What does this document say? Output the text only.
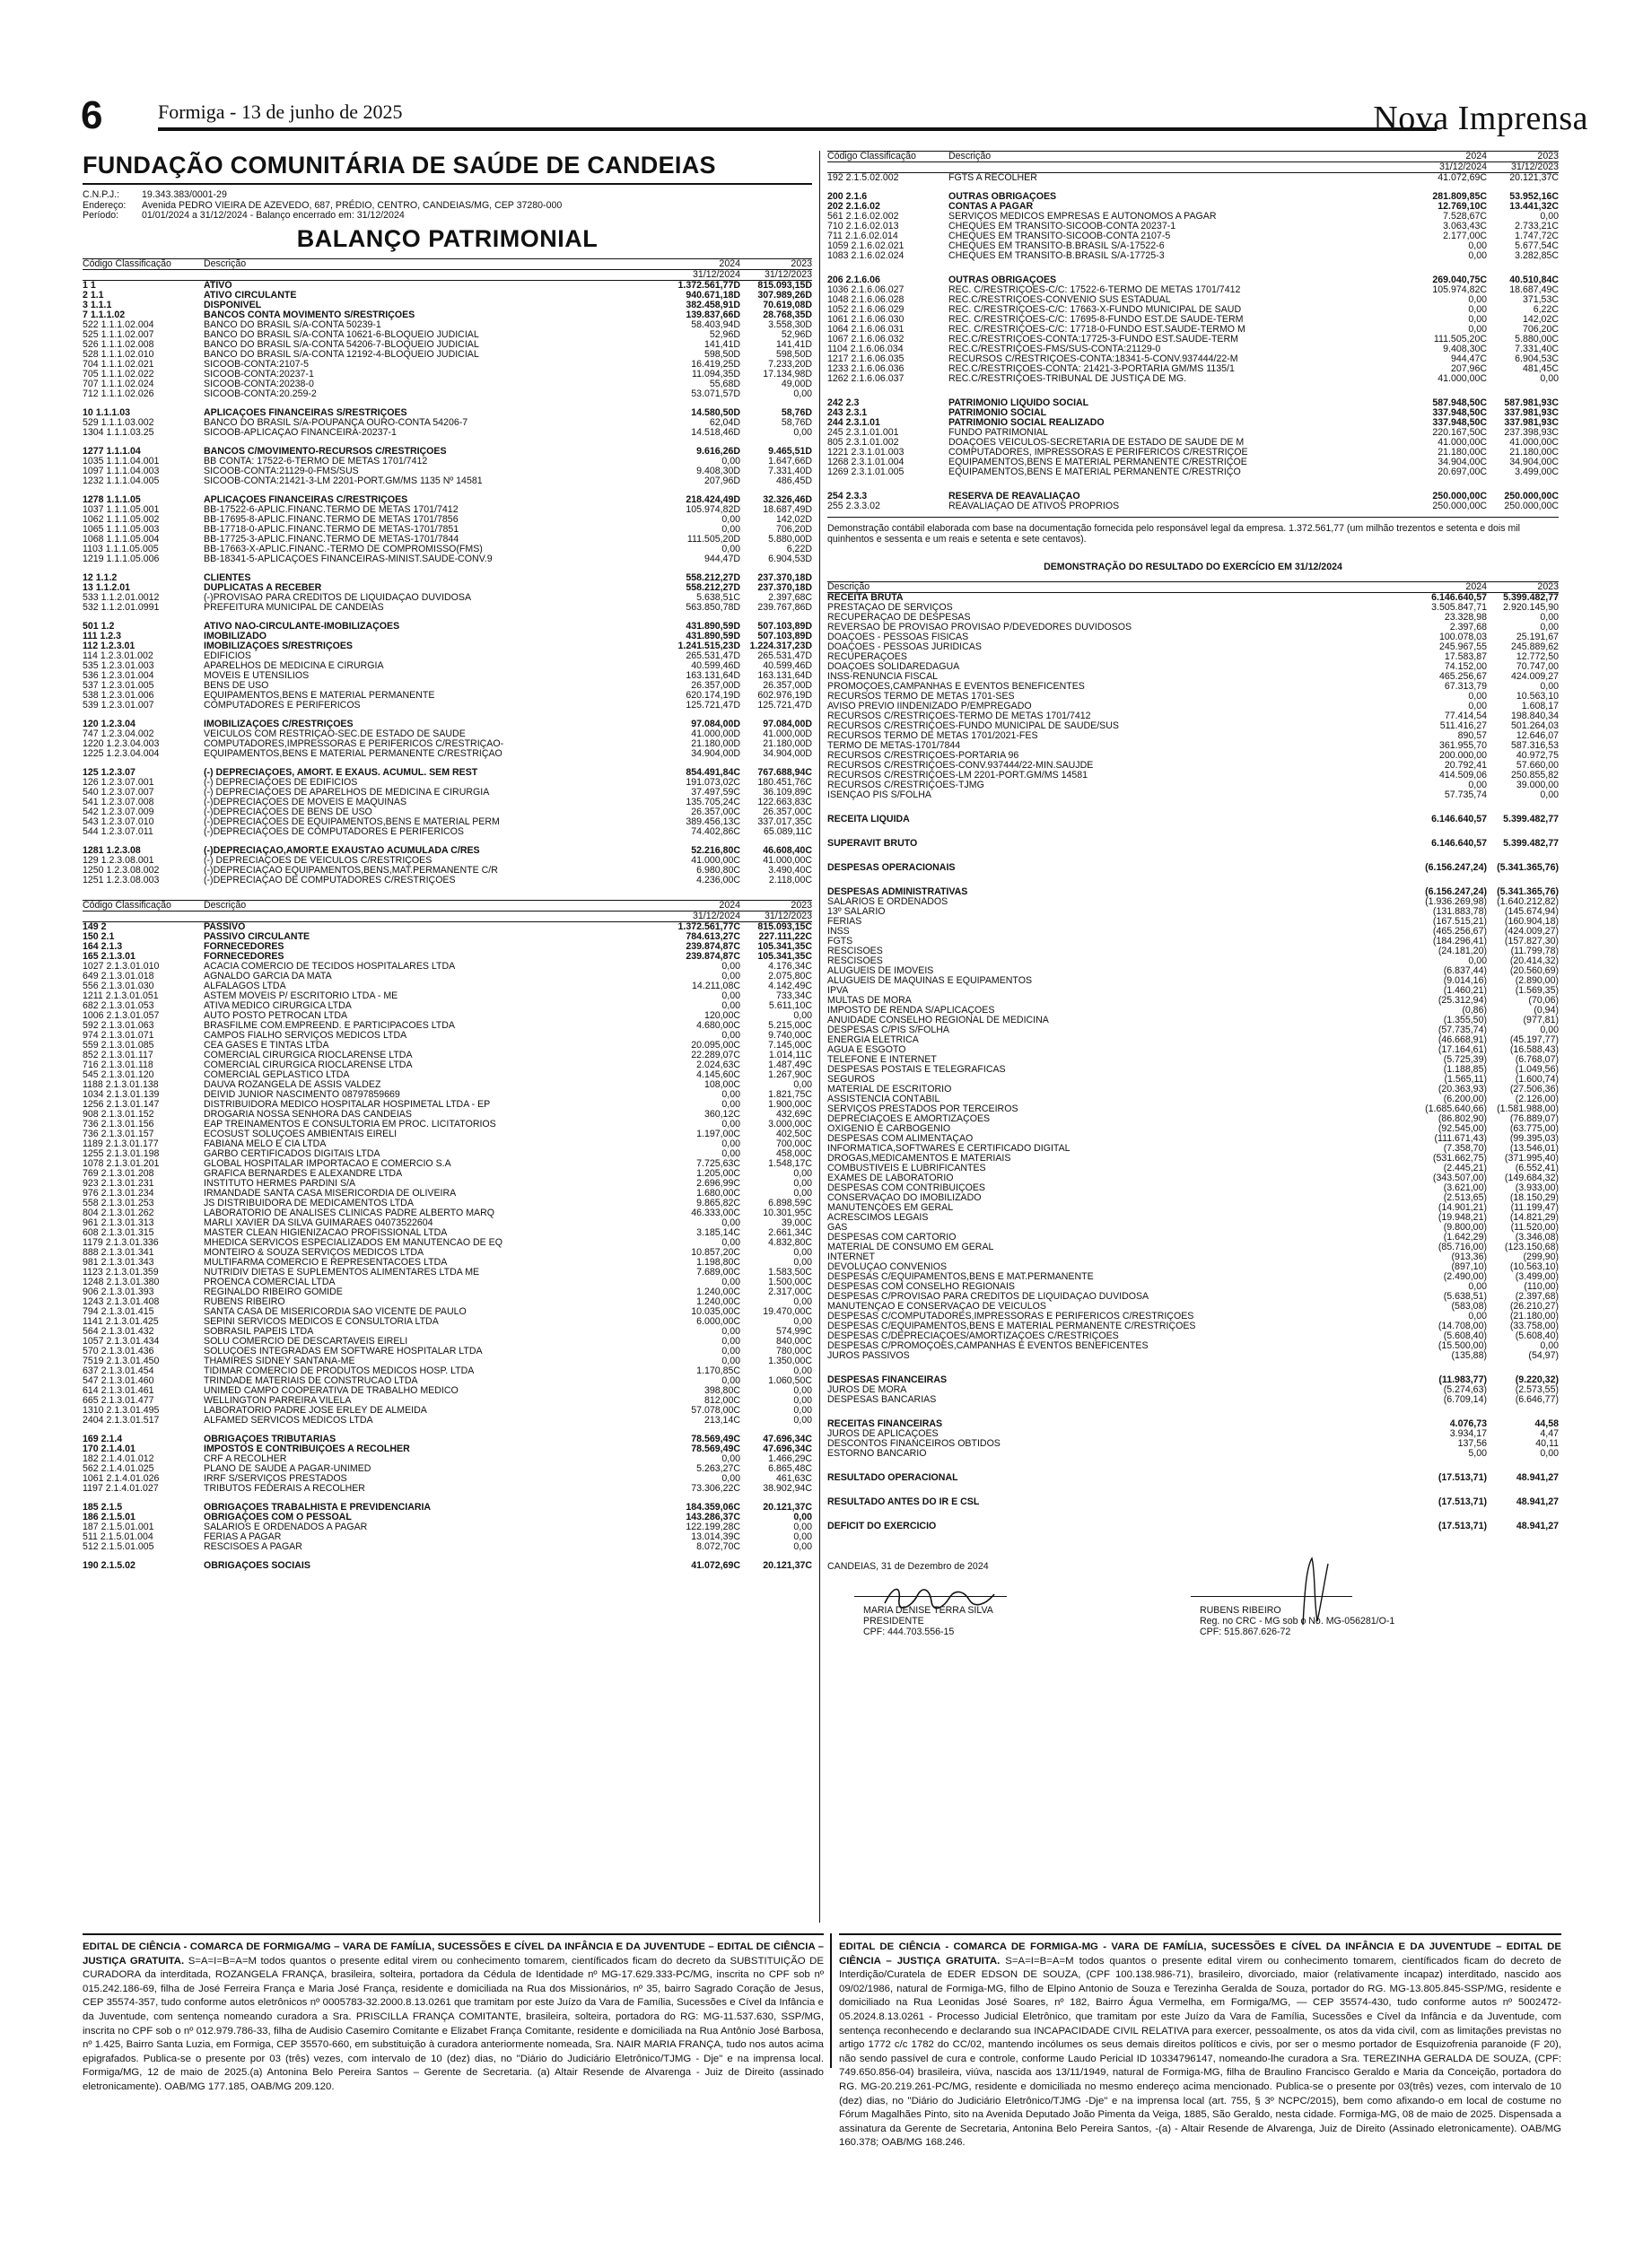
6	Formiga - 13 de junho de 2025	Nova Imprensa
FUNDAÇÃO COMUNITÁRIA DE SAÚDE DE CANDEIAS
C.N.P.J.:	19.343.383/0001-29
Endereço:	Avenida PEDRO VIEIRA DE AZEVEDO, 687, PRÉDIO, CENTRO, CANDEIAS/MG, CEP 37280-000
Período:	01/01/2024 a 31/12/2024 - Balanço encerrado em: 31/12/2024
BALANÇO PATRIMONIAL
Código Classificação	Descrição	2024	2023
31/12/2024	31/12/2023
1 1	ATIVO	1.372.561,77D	815.093,15D
2 1.1	ATIVO CIRCULANTE	940.671,18D	307.989,26D
3 1.1.1	DISPONÍVEL	382.458,91D	70.619,08D
7 1.1.1.02	BANCOS CONTA MOVIMENTO S/RESTRIÇÕES	139.837,66D	28.768,35D
522 1.1.1.02.004	BANCO DO BRASIL S/A-CONTA 50239-1	58.403,94D	3.558,30D
525 1.1.1.02.007	BANCO DO BRASIL S/A-CONTA 10621-6-BLOQUEIO JUDICIAL	52,96D	52,96D
526 1.1.1.02.008	BANCO DO BRASIL S/A-CONTA 54206-7-BLOQUEIO JUDICIAL	141,41D	141,41D
528 1.1.1.02.010	BANCO DO BRASIL S/A-CONTA 12192-4-BLOQUEIO JUDICIAL	598,50D	598,50D
704 1.1.1.02.021	SICOOB-CONTA:2107-5	16.419,25D	7.233,20D
705 1.1.1.02.022	SICOOB-CONTA:20237-1	11.094,35D	17.134,98D
707 1.1.1.02.024	SICOOB-CONTA:20238-0	55,68D	49,00D
712 1.1.1.02.026	SICOOB-CONTA:20.259-2	53.071,57D	0,00
10 1.1.1.03	APLICAÇÕES FINANCEIRAS S/RESTRIÇÕES	14.580,50D	58,76D
529 1.1.1.03.002	BANCO DO BRASIL S/A-POUPANÇA OURO-CONTA 54206-7	62,04D	58,76D
1304 1.1.1.03.25	SICOOB-APLICAÇÃO FINANCEIRA-20237-1	14.518,46D	0,00
1277 1.1.1.04	BANCOS C/MOVIMENTO-RECURSOS C/RESTRIÇÕES	9.616,26D	9.465,51D
1035 1.1.1.04.001	BB CONTA: 17522-6-TERMO DE METAS 1701/7412	0,00	1.647,66D
1097 1.1.1.04.003	SICOOB-CONTA:21129-0-FMS/SUS	9.408,30D	7.331,40D
1232 1.1.1.04.005	SICOOB-CONTA:21421-3-LM 2201-PORT.GM/MS 1135 Nº 14581	207,96D	486,45D
1278 1.1.1.05	APLICAÇÕES FINANCEIRAS C/RESTRIÇÕES	218.424,49D	32.326,46D
1037 1.1.1.05.001	BB-17522-6-APLIC.FINANC.TERMO DE METAS 1701/7412	105.974,82D	18.687,49D
1062 1.1.1.05.002	BB-17695-8-APLIC.FINANC.TERMO DE METAS 1701/7856	0,00	142,02D
1065 1.1.1.05.003	BB-17718-0-APLIC.FINANC.TERMO DE METAS-1701/7851	0,00	706,20D
1068 1.1.1.05.004	BB-17725-3-APLIC.FINANC.TERMO DE METAS-1701/7844	111.505,20D	5.880,00D
1103 1.1.1.05.005	BB-17663-X-APLIC.FINANC.-TERMO DE COMPROMISSO(FMS)	0,00	6,22D
1219 1.1.1.05.006	BB-18341-5-APLICAÇÕES FINANCEIRAS-MINIST.SAÚDE-CONV.9	944,47D	6.904,53D
12 1.1.2	CLIENTES	558.212,27D	237.370,18D
13 1.1.2.01	DUPLICATAS A RECEBER	558.212,27D	237.370,18D
533 1.1.2.01.0012	(-)PROVISÃO PARA CRÉDITOS DE LIQUIDAÇÃO DUVIDOSA	5.638,51C	2.397,68C
532 1.1.2.01.0991	PREFEITURA MUNICIPAL DE CANDEIAS	563.850,78D	239.767,86D
501 1.2	ATIVO NÃO-CIRCULANTE-IMOBILIZAÇÕES	431.890,59D	507.103,89D
111 1.2.3	IMOBILIZADO	431.890,59D	507.103,89D
112 1.2.3.01	IMOBILIZAÇÕES S/RESTRIÇÕES	1.241.515,23D 1.224.317,23D
114 1.2.3.01.002	EDIFÍCIOS	265.531,47D	265.531,47D
535 1.2.3.01.003	APARELHOS DE MEDICINA E CIRURGIA	40.599,46D	40.599,46D
536 1.2.3.01.004	MÓVEIS E UTENSÍLIOS	163.131,64D	163.131,64D
537 1.2.3.01.005	BENS DE USO	26.357,00D	26.357,00D
538 1.2.3.01.006	EQUIPAMENTOS,BENS E MATERIAL PERMANENTE	620.174,19D	602.976,19D
539 1.2.3.01.007	COMPUTADORES E PERIFÉRICOS	125.721,47D	125.721,47D
120 1.2.3.04	IMOBILIZAÇÕES C/RESTRIÇÕES	97.084,00D	97.084,00D
747 1.2.3.04.002	VEÍCULOS COM RESTRIÇÃO-SEC.DE ESTADO DE SAÚDE	41.000,00D	41.000,00D
1220 1.2.3.04.003	COMPUTADORES,IMPRESSORAS E PERIFÉRICOS C/RESTRIÇÃO-	21.180,00D	21.180,00D
1225 1.2.3.04.004	EQUIPAMENTOS,BENS E MATERIAL PERMANENTE C/RESTRIÇÃO	34.904,00D	34.904,00D
125 1.2.3.07	(-) DEPRECIAÇÕES, AMORT. E EXAUS. ACUMUL. SEM REST	854.491,84C	767.688,94C
126 1.2.3.07.001	(-) DEPRECIAÇÕES DE EDIFÍCIOS	191.073,02C	180.451,76C
540 1.2.3.07.007	(-) DEPRECIAÇÕES DE APARELHOS DE MEDICINA E CIRURGIA	37.497,59C	36.109,89C
541 1.2.3.07.008	(-)DEPRECIAÇÕES DE MÓVEIS E MÁQUINAS	135.705,24C	122.663,83C
542 1.2.3.07.009	(-)DEPRECIAÇÕES DE BENS DE USO	26.357,00C	26.357,00C
543 1.2.3.07.010	(-)DEPRECIAÇÕES DE EQUIPAMENTOS,BENS E MATERIAL PERM	389.456,13C	337.017,35C
544 1.2.3.07.011	(-)DEPRECIAÇÕES DE COMPUTADORES E PERIFÉRICOS	74.402,86C	65.089,11C
1281 1.2.3.08	(-)DEPRECIAÇÃO,AMORT.E EXAUSTÃO ACUMULADA C/RES	52.216,80C	46.608,40C
129 1.2.3.08.001	(-) DEPRECIAÇÕES DE VEÍCULOS C/RESTRIÇÕES	41.000,00C	41.000,00C
1250 1.2.3.08.002	(-)DEPRECIAÇÃO EQUIPAMENTOS,BENS,MAT.PERMANENTE C/R	6.980,80C	3.490,40C
1251 1.2.3.08.003	(-)DEPRECIAÇÃO DE COMPUTADORES C/RESTRIÇÕES	4.236,00C	2.118,00C
Código Classificação	Descrição	2024	2023
31/12/2024	31/12/2023
149 2	PASSIVO	1.372.561,77C	815.093,15C
150 2.1	PASSIVO CIRCULANTE	784.613,27C	227.111,22C
164 2.1.3	FORNECEDORES	239.874,87C	105.341,35C
165 2.1.3.01	FORNECEDORES	239.874,87C	105.341,35C
1027 2.1.3.01.010	ACACIA COMERCIO DE TECIDOS HOSPITALARES LTDA	0,00	4.176,34C
649 2.1.3.01.018	AGNALDO GARCIA DA MATA	0,00	2.075,80C
556 2.1.3.01.030	ALFALAGOS LTDA	14.211,08C	4.142,49C
1211 2.1.3.01.051	ASTEM MOVEIS P/ ESCRITORIO LTDA - ME	0,00	733,34C
682 2.1.3.01.053	ATIVA MEDICO CIRURGICA LTDA	0,00	5.611,10C
1006 2.1.3.01.057	AUTO POSTO PETROCAN LTDA	120,00C	0,00
592 2.1.3.01.063	BRASFILME COM.EMPREEND. E PARTICIPACOES LTDA	4.680,00C	5.215,00C
974 2.1.3.01.071	CAMPOS FIALHO SERVIÇOS MÉDICOS LTDA	0,00	9.740,00C
559 2.1.3.01.085	CEA GASES E TINTAS LTDA	20.095,00C	7.145,00C
852 2.1.3.01.117	COMERCIAL CIRURGICA RIOCLARENSE LTDA	22.289,07C	1.014,11C
716 2.1.3.01.118	COMERCIAL CIRURGICA RIOCLARENSE LTDA	2.024,63C	1.487,49C
545 2.1.3.01.120	COMERCIAL GEPLASTICO LTDA	4.145,60C	1.267,90C
1188 2.1.3.01.138	DAUVA ROZANGELA DE ASSIS VALDEZ	108,00C	0,00
1034 2.1.3.01.139	DEIVID JUNIOR NASCIMENTO 08797859669	0,00	1.821,75C
1256 2.1.3.01.147	DISTRIBUIDORA MEDICO HOSPITALAR HOSPIMETAL LTDA - EP	0,00	1.900,00C
908 2.1.3.01.152	DROGARIA NOSSA SENHORA DAS CANDEIAS	360,12C	432,69C
736 2.1.3.01.156	EAP TREINAMENTOS E CONSULTORIA EM PROC. LICITATORIOS	0,00	3.000,00C
736 2.1.3.01.157	ECOSUST SOLUÇÕES AMBIENTAIS EIRELI	1.197,00C	402,50C
1189 2.1.3.01.177	FABIANA MELO E CIA LTDA	0,00	700,00C
1255 2.1.3.01.198	GARBO CERTIFICADOS DIGITAIS LTDA	0,00	458,00C
1078 2.1.3.01.201	GLOBAL HOSPITALAR IMPORTACAO E COMERCIO S.A	7.725,63C	1.548,17C
769 2.1.3.01.208	GRAFICA BERNARDES E ALEXANDRE LTDA	1.205,00C	0,00
923 2.1.3.01.231	INSTITUTO HERMES PARDINI S/A	2.696,99C	0,00
976 2.1.3.01.234	IRMANDADE SANTA CASA MISERICORDIA DE OLIVEIRA	1.680,00C	0,00
558 2.1.3.01.253	JS DISTRIBUIDORA DE MEDICAMENTOS LTDA	9.865,82C	6.898,59C
804 2.1.3.01.262	LABORATORIO DE ANALISES CLINICAS PADRE ALBERTO MARQ	46.333,00C	10.301,95C
961 2.1.3.01.313	MARLI XAVIER DA SILVA GUIMARAES 04073522604	0,00	39,00C
608 2.1.3.01.315	MASTER CLEAN HIGIENIZACAO PROFISSIONAL LTDA	3.185,14C	2.661,34C
1179 2.1.3.01.336	MHEDICA SERVICOS ESPECIALIZADOS EM MANUTENCAO DE EQ	0,00	4.832,80C
888 2.1.3.01.341	MONTEIRO & SOUZA SERVIÇOS MÉDICOS LTDA	10.857,20C	0,00
981 2.1.3.01.343	MULTIFARMA COMERCIO E REPRESENTACOES LTDA	1.198,80C	0,00
1123 2.1.3.01.359	NUTRIDIV DIETAS E SUPLEMENTOS ALIMENTARES LTDA ME	7.689,00C	1.583,50C
1248 2.1.3.01.380	PROENCA COMERCIAL LTDA	0,00	1.500,00C
906 2.1.3.01.393	REGINALDO RIBEIRO GOMIDE	1.240,00C	2.317,00C
1243 2.1.3.01.408	RUBENS RIBEIRO	1.240,00C	0,00
794 2.1.3.01.415	SANTA CASA DE MISERICORDIA SÃO VICENTE DE PAULO	10.035,00C	19.470,00C
1141 2.1.3.01.425	SEPINI SERVICOS MEDICOS E CONSULTORIA LTDA	6.000,00C	0,00
564 2.1.3.01.432	SOBRASIL PAPEIS LTDA	0,00	574,99C
1057 2.1.3.01.434	SOLU COMERCIO DE DESCARTAVEIS EIRELI	0,00	840,00C
570 2.1.3.01.436	SOLUÇÕES INTEGRADAS EM SOFTWARE HOSPITALAR LTDA	0,00	780,00C
7519 2.1.3.01.450	THAMIRES SIDNEY SANTANA-ME	0,00	1.350,00C
637 2.1.3.01.454	TIDIMAR COMERCIO DE PRODUTOS MEDICOS HOSP. LTDA	1.170,85C	0,00
547 2.1.3.01.460	TRINDADE MATERIAIS DE CONSTRUCAO LTDA	0,00	1.060,50C
614 2.1.3.01.461	UNIMED CAMPO COOPERATIVA DE TRABALHO MÉDICO	398,80C	0,00
665 2.1.3.01.477	WELLINGTON PARREIRA VILELA	812,00C	0,00
1310 2.1.3.01.495	LABORATORIO PADRE JOSÉ ERLEY DE ALMEIDA	57.078,00C	0,00
2404 2.1.3.01.517	ALFAMED SERVICOS MEDICOS LTDA	213,14C	0,00
169 2.1.4	OBRIGAÇÕES TRIBUTÁRIAS	78.569,49C	47.696,34C
170 2.1.4.01	IMPOSTOS E CONTRIBUIÇÕES A RECOLHER	78.569,49C	47.696,34C
182 2.1.4.01.012	CRF A RECOLHER	0,00	1.466,29C
562 2.1.4.01.025	PLANO DE SAUDE A PAGAR-UNIMED	5.263,27C	6.865,48C
1061 2.1.4.01.026	IRRF S/SERVIÇOS PRESTADOS	0,00	461,63C
1197 2.1.4.01.027	TRIBUTOS FEDERAIS A RECOLHER	73.306,22C	38.902,94C
185 2.1.5	OBRIGAÇÕES TRABALHISTA E PREVIDENCIÁRIA	184.359,06C	20.121,37C
186 2.1.5.01	OBRIGAÇÕES COM O PESSOAL	143.286,37C	0,00
187 2.1.5.01.001	SALÁRIOS E ORDENADOS A PAGAR	122.199,28C	0,00
511 2.1.5.01.004	FÉRIAS A PAGAR	13.014,39C	0,00
512 2.1.5.01.005	RESCISÕES A PAGAR	8.072,70C	0,00
190 2.1.5.02	OBRIGAÇÕES SOCIAIS	41.072,69C	20.121,37C
Código Classificação	Descrição	2024	2023
31/12/2024	31/12/2023
192 2.1.5.02.002	FGTS A RECOLHER	41.072,69C	20.121,37C
200 2.1.6	OUTRAS OBRIGAÇÕES	281.809,85C	53.952,16C
202 2.1.6.02	CONTAS A PAGAR	12.769,10C	13.441,32C
561 2.1.6.02.002	SERVIÇOS MÉDICOS EMPRESAS E AUTONOMOS A PAGAR	7.528,67C	0,00
710 2.1.6.02.013	CHEQUES EM TRANSITO-SICOOB-CONTA 20237-1	3.063,43C	2.733,21C
711 2.1.6.02.014	CHEQUES EM TRANSITO-SICOOB-CONTA 2107-5	2.177,00C	1.747,72C
1059 2.1.6.02.021	CHEQUES EM TRANSITO-B.BRASIL S/A-17522-6	0,00	5.677,54C
1083 2.1.6.02.024	CHEQUES EM TRANSITO-B.BRASIL S/A-17725-3	0,00	3.282,85C
206 2.1.6.06	OUTRAS OBRIGAÇÕES	269.040,75C	40.510,84C
1036 2.1.6.06.027	REC. C/RESTRIÇÕES-C/C: 17522-6-TERMO DE METAS 1701/7412	105.974,82C	18.687,49C
1048 2.1.6.06.028	REC.C/RESTRIÇÕES-CONVÊNIO SUS ESTADUAL	0,00	371,53C
1052 2.1.6.06.029	REC. C/RESTRIÇÕES-C/C: 17663-X-FUNDO MUNICIPAL DE SAÚD	0,00	6,22C
1061 2.1.6.06.030	REC. C/RESTRIÇÕES-C/C: 17695-8-FUNDO EST.DE SAUDE-TERM	0,00	142,02C
1064 2.1.6.06.031	REC. C/RESTRIÇÕES-C/C: 17718-0-FUNDO EST.SAUDE-TERMO M	0,00	706,20C
1067 2.1.6.06.032	REC.C/RESTRIÇÕES-CONTA:17725-3-FUNDO EST.SAUDE-TERM	111.505,20C	5.880,00C
1104 2.1.6.06.034	REC.C/RESTRIÇÕES-FMS/SUS-CONTA:21129-0	9.408,30C	7.331,40C
1217 2.1.6.06.035	RECURSOS C/RESTRIÇÕES-CONTA:18341-5-CONV.937444/22-M	944,47C	6.904,53C
1233 2.1.6.06.036	REC.C/RESTRIÇÕES-CONTA: 21421-3-PORTARIA GM/MS 1135/1	207,96C	481,45C
1262 2.1.6.06.037	REC.C/RESTRIÇÕES-TRIBUNAL DE JUSTIÇA DE MG.	41.000,00C	0,00
242 2.3	PATRIMÔNIO LÍQUIDO SOCIAL	587.948,50C	587.981,93C
243 2.3.1	PATRIMÔNIO SOCIAL	337.948,50C	337.981,93C
244 2.3.1.01	PATRIMÔNIO SOCIAL REALIZADO	337.948,50C	337.981,93C
245 2.3.1.01.001	FUNDO PATRIMONIAL	220.167,50C	237.398,93C
805 2.3.1.01.002	DOAÇÕES VEÍCULOS-SECRETARIA DE ESTADO DE SAUDE DE M	41.000,00C	41.000,00C
1221 2.3.1.01.003	COMPUTADORES, IMPRESSORAS E PERIFERICOS C/RESTRIÇÕE	21.180,00C	21.180,00C
1268 2.3.1.01.004	EQUIPAMENTOS,BENS E MATERIAL PERMANENTE C/RESTRIÇÕE	34.904,00C	34.904,00C
1269 2.3.1.01.005	EQUIPAMENTOS,BENS E MATERIAL PERMANENTE C/RESTRIÇÕ	20.697,00C	3.499,00C
254 2.3.3	RESERVA DE REAVALIAÇÃO	250.000,00C	250.000,00C
255 2.3.3.02	REAVALIAÇÃO DE ATIVOS PRÓPRIOS	250.000,00C	250.000,00C
Demonstração contábil elaborada com base na documentação fornecida pelo responsável legal da empresa. 1.372.561,77 (um milhão trezentos e setenta e dois mil quinhentos e sessenta e um reais e setenta e sete centavos).
DEMONSTRAÇÃO DO RESULTADO DO EXERCÍCIO EM 31/12/2024
Descrição	2024	2023
RECEITA BRUTA	6.146.640,57	5.399.482,77
PRESTAÇÃO DE SERVIÇOS	3.505.847,71	2.920.145,90
RECUPERAÇÃO DE DESPESAS	23.328,98	0,00
REVERSÃO DE PROVISÃO PROVISÃO P/DEVEDORES DUVIDOSOS	2.397,68	0,00
DOAÇÕES - PESSOAS FÍSICAS	100.078,03	25.191,67
DOAÇÕES - PESSOAS JURIDICAS	245.967,55	245.889,62
RECUPERAÇÕES	17.583,87	12.772,50
DOAÇÕES SOLIDAREDAGUA	74.152,00	70.747,00
INSS-RENUNCIA FISCAL	465.256,67	424.009,27
PROMOÇÕES,CAMPANHAS E EVENTOS BENEFICENTES	67.313,79	0,00
RECURSOS TERMO DE METAS 1701-SES	0,00	10.563,10
AVISO PREVIO IINDENIZADO P/EMPREGADO	0,00	1.608,17
RECURSOS C/RESTRIÇÕES-TERMO DE METAS 1701/7412	77.414,54	198.840,34
RECURSOS C/RESTRIÇÕES-FUNDO MUNICIPAL DE SAÚDE/SUS	511.416,27	501.264,03
RECURSOS TERMO DE METAS 1701/2021-FES	890,57	12.646,07
TERMO DE METAS-1701/7844	361.955,70	587.316,53
RECURSOS C/RESTRIÇÕES-PORTARIA 96	200.000,00	40.972,75
RECURSOS C/RESTRIÇÕES-CONV.937444/22-MIN.SAÚJDE	20.792,41	57.660,00
RECURSOS C/RESTRIÇÕES-LM 2201-PORT.GM/MS 14581	414.509,06	250.855,82
RECURSOS C/RESTRIÇÕES-TJMG	0,00	39.000,00
ISENÇÃO PIS S/FOLHA	57.735,74	0,00
RECEITA LÍQUIDA	6.146.640,57	5.399.482,77
SUPERAVIT BRUTO	6.146.640,57	5.399.482,77
DESPESAS OPERACIONAIS	(6.156.247,24)	(5.341.365,76)
DESPESAS ADMINISTRATIVAS	(6.156.247,24)	(5.341.365,76)
SALÁRIOS E ORDENADOS	(1.936.269,98)	(1.640.212,82)
13º SALÁRIO	(131.883,78)	(145.674,94)
FÉRIAS	(167.515,21)	(160.904,18)
INSS	(465.256,67)	(424.009,27)
FGTS	(184.296,41)	(157.827,30)
RESCISÕES	(24.181,20)	(11.799,78)
RESCISÕES	0,00	(20.414,32)
ALUGUÉIS DE IMÓVEIS	(6.837,44)	(20.560,69)
ALUGUÉIS DE MÁQUINAS E EQUIPAMENTOS	(9.014,16)	(2.890,00)
IPVA	(1.460,21)	(1.569,35)
MULTAS DE MORA	(25.312,94)	(70,06)
IMPOSTO DE RENDA S/APLICAÇÕES	(0,86)	(0,94)
ANUIDADE CONSELHO REGIONAL DE MEDICINA	(1.355,50)	(977,81)
DESPESAS C/PIS S/FOLHA	(57.735,74)	0,00
ENERGIA ELÉTRICA	(46.668,91)	(45.197,77)
ÁGUA E ESGOTO	(17.164,61)	(16.588,43)
TELEFONE E INTERNET	(5.725,39)	(6.768,07)
DESPESAS POSTAIS E TELEGRÁFICAS	(1.188,85)	(1.049,56)
SEGUROS	(1.565,11)	(1.600,74)
MATERIAL DE ESCRITÓRIO	(20.363,93)	(27.506,36)
ASSISTÊNCIA CONTÁBIL	(6.200,00)	(2.126,00)
SERVIÇOS PRESTADOS POR TERCEIROS	(1.685.640,66)	(1.581.988,00)
DEPRECIAÇÕES E AMORTIZAÇÕES	(86.802,90)	(76.889,07)
OXIGÊNIO E CARBOGÊNIO	(92.545,00)	(63.775,00)
DESPESAS COM ALIMENTAÇÃO	(111.671,43)	(99.395,03)
INFORMÁTICA,SOFTWARES E CERTIFICADO DIGITAL	(7.358,70)	(13.546,01)
DROGAS,MEDICAMENTOS E MATERIAIS	(531.662,75)	(371.995,40)
COMBUSTÍVEIS E LUBRIFICANTES	(2.445,21)	(6.552,41)
EXAMES DE LABORATÓRIO	(343.507,00)	(149.684,32)
DESPESAS COM CONTRIBUIÇÕES	(3.621,00)	(3.933,00)
CONSERVAÇÃO DO IMOBILIZADO	(2.513,65)	(18.150,29)
MANUTENÇÕES EM GERAL	(14.901,21)	(11.199,47)
ACRÉSCIMOS LEGAIS	(19.948,21)	(14.821,29)
GÁS	(9.800,00)	(11.520,00)
DESPESAS COM CARTÓRIO	(1.642,29)	(3.346,08)
MATERIAL DE CONSUMO EM GERAL	(85.716,00)	(123.150,68)
INTERNET	(913,36)	(299,90)
DEVOLUÇÃO CONVÊNIOS	(897,10)	(10.563,10)
DESPESAS C/EQUIPAMENTOS,BENS E MAT.PERMANENTE	(2.490,00)	(3.499,00)
DESPESAS COM CONSELHO REGIONAIS	0,00	(110,00)
DESPESAS C/PROVISAO PARA CREDITOS DE LIQUIDAÇÃO DUVIDOSA	(5.638,51)	(2.397,68)
MANUTENÇÃO E CONSERVAÇÃO DE VEÍCULOS	(583,08)	(26.210,27)
DESPESAS C/COMPUTADORES,IMPRESSORAS E PERIFERICOS C/RESTRIÇÕES	0,00	(21.180,00)
DESPESAS C/EQUIPAMENTOS,BENS E MATERIAL PERMANENTE C/RESTRIÇÕES	(14.708,00)	(33.758,00)
DESPESAS C/DEPRECIAÇÕES/AMORTIZAÇÕES C/RESTRIÇÕES	(5.608,40)	(5.608,40)
DESPESAS C/PROMOÇÕES,CAMPANHAS E EVENTOS BENEFICENTES	(15.500,00)	0,00
JUROS PASSIVOS	(135,88)	(54,97)
DESPESAS FINANCEIRAS	(11.983,77)	(9.220,32)
JUROS DE MORA	(5.274,63)	(2.573,55)
DESPESAS BANCARIAS	(6.709,14)	(6.646,77)
RECEITAS FINANCEIRAS	4.076,73	44,58
JUROS DE APLICAÇÕES	3.934,17	4,47
DESCONTOS FINANCEIROS OBTIDOS	137,56	40,11
ESTORNO BANCÁRIO	5,00	0,00
RESULTADO OPERACIONAL	(17.513,71)	48.941,27
RESULTADO ANTES DO IR E CSL	(17.513,71)	48.941,27
DEFICIT DO EXERCICIO	(17.513,71)	48.941,27
CANDEIAS, 31 de Dezembro de 2024
MARIA DENISE TERRA SILVA
PRESIDENTE
CPF: 444.703.556-15
RUBENS RIBEIRO
Reg. no CRC - MG sob o No. MG-056281/O-1
CPF: 515.867.626-72
EDITAL DE CIÊNCIA - COMARCA DE FORMIGA/MG – VARA DE FAMÍLIA, SUCESSÕES E CÍVEL DA INFÂNCIA E DA JUVENTUDE – EDITAL DE CIÊNCIA – JUSTIÇA GRATUITA. S=A=I=B=A=M todos quantos o presente edital virem ou conhecimento tomarem, científicados ficam do decreto da SUBSTITUIÇÃO DE CURADORA da interditada, ROZANGELA FRANÇA, brasileira, solteira, portadora da Cédula de Identidade nº MG-17.629.333-PC/MG, inscrita no CPF sob nº 015.242.186-69, filha de José Ferreira França e Maria José França, residente e domiciliada na Rua dos Missionários, nº 35, bairro Sagrado Coração de Jesus, CEP 35574-357, tudo conforme autos eletrônicos nº 0005783-32.2000.8.13.0261 que tramitam por este Juízo da Vara de Família, Sucessões e Cível da Infância e da Juventude, com sentença nomeando curadora a Sra. PRISCILLA FRANÇA COMITANTE, brasileira, solteira, portadora do RG: MG-11.537.630, SSP/MG, inscrita no CPF sob o nº 012.979.786-33, filha de Audisio Casemiro Comitante e Elizabet França Comitante, residente e domiciliada na Rua Antônio José Barbosa, nº 1.425, Bairro Santa Luzia, em Formiga, CEP 35570-660, em substituição à curadora anteriormente nomeada, Sra. NAIR MARIA FRANÇA, tudo nos autos acima epigrafados. Publica-se o presente por 03 (três) vezes, com intervalo de 10 (dez) dias, no "Diário do Judiciário Eletrônico/TJMG - Dje" e na imprensa local. Formiga/MG, 12 de maio de 2025.(a) Antonina Belo Pereira Santos – Gerente de Secretaria. (a) Altair Resende de Alvarenga - Juiz de Direito (assinado eletronicamente). OAB/MG 177.185, OAB/MG 209.120.
EDITAL DE CIÊNCIA - COMARCA DE FORMIGA-MG - VARA DE FAMÍLIA, SUCESSÕES E CÍVEL DA INFÂNCIA E DA JUVENTUDE – EDITAL DE CIÊNCIA – JUSTIÇA GRATUITA. S=A=I=B=A=M todos quantos o presente edital virem ou conhecimento tomarem, científicados ficam do decreto de Interdição/Curatela de EDER EDSON DE SOUZA, (CPF 100.138.986-71), brasileiro, divorciado, maior (relativamente incapaz) interditado, nascido aos 09/02/1986, natural de Formiga-MG, filho de Elpino Antonio de Souza e Terezinha Geralda de Souza, portador do RG. MG-13.805.845-SSP/MG, residente e domiciliado na Rua Leonidas José Soares, nº 182, Bairro Água Vermelha, em Formiga/MG, — CEP 35574-430, tudo conforme autos nº 5002472-05.2024.8.13.0261 - Processo Judicial Eletrônico, que tramitam por este Juízo da Vara de Família, Sucessões e Cível da Infância e da Juventude, com sentença reconhecendo e declarando sua INCAPACIDADE CIVIL RELATIVA para exercer, pessoalmente, os atos da vida civil, com as limitações previstas no artigo 1772 c/c 1782 do CC/02, mantendo incólumes os seus demais direitos políticos e civis, por ser o mesmo portador de Esquizofrenia paranoide (F 20), não sendo passível de cura e controle, conforme Laudo Pericial ID 10334796147, nomeando-lhe curadora a Sra. TEREZINHA GERALDA DE SOUZA, (CPF: 749.650.856-04) brasileira, viúva, nascida aos 13/11/1949, natural de Formiga-MG, filha de Braulino Francisco Geraldo e Maria da Conceição, portadora do RG. MG-20.219.261-PC/MG, residente e domiciliada no mesmo endereço acima mencionado. Publica-se o presente por 03(três) vezes, com intervalo de 10 (dez) dias, no "Diário do Judiciário Eletrônico/TJMG -Dje" e na imprensa local (art. 755, § 3º NCPC/2015), bem como afixando-o em local de costume no Fórum Magalhães Pinto, sito na Avenida Deputado João Pimenta da Veiga, 1885, São Geraldo, nesta cidade. Formiga-MG, 08 de maio de 2025. Dispensada a assinatura da Gerente de Secretaria, Antonina Belo Pereira Santos, -(a) - Altair Resende de Alvarenga, Juiz de Direito (Assinado eletronicamente). OAB/MG 160.378; OAB/MG 168.246.
